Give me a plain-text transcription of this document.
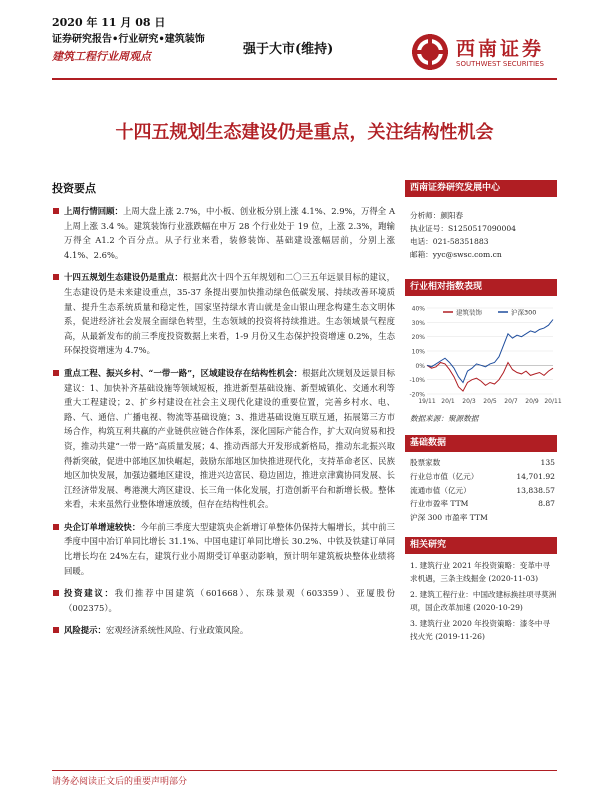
2020 年 11 月 08 日
证券研究报告•行业研究•建筑装饰
建筑工程行业周观点	强于大市(维持)	西南证券
SOUTHWEST SECURITIES
十四五规划生态建设仍是重点，关注结构性机会
投资要点
上周行情回顾：上周大盘上涨 2.7%，中小板、创业板分别上涨 4.1%、2.9%，万得全 A 上周上涨 3.4 %。建筑装饰行业涨跌幅在申万 28 个行业处于 19 位，上涨 2.3%，跑输万得全 A1.2 个百分点。从子行业来看，装修装饰、基础建设涨幅居前，分别上涨 4.1%、2.6%。
十四五规划生态建设仍是重点：根据此次十四个五年规划和二〇三五年远景目标的建议，生态建设仍是未来建设重点，35-37 条提出要加快推动绿色低碳发展、持续改善环境质量、提升生态系统质量和稳定性，国家坚持绿水青山就是金山银山理念构建生态文明体系，促进经济社会发展全面绿色转型，生态领域的投资将持续推进。生态领域景气程度高，从最新发布的前三季度投资数据上来看，1-9 月份又生态保护投资增速 0.2%，生态环保投资增速为 4.7%。
重点工程、振兴乡村、“一带一路”，区域建设存在结构性机会：根据此次规划及远景目标建议：1、加快补齐基础设施等领域短板，推进新型基础设施、新型城镇化、交通水利等重大工程建设；2、扩乡村建设在社会主义现代化建设的重要位置，完善乡村水、电、路、气、通信、广播电视、物流等基础设施；3、推进基础设施互联互通，拓展第三方市场合作，构筑互利共赢的产业链供应链合作体系，深化国际产能合作，扩大双向贸易和投资，推动共建“一带一路”高质量发展；4、推动西部大开发形成新格局，推动东北振兴取得新突破，促进中部地区加快崛起，鼓励东部地区加快推进现代化，支持革命老区、民族地区加快发展，加强边疆地区建设，推进兴边富民、稳边固边，推进京津冀协同发展、长江经济带发展、粤港澳大湾区建设、长三角一体化发展，打造创新平台和新增长极。整体来看，未来虽然行业整体增速放缓，但存在结构性机会。
央企订单增速较快：今年前三季度大型建筑央企新增订单整体仍保持大幅增长，其中前三季度中国中冶订单同比增长 31.1%、中国电建订单同比增长 30.2%、中铁及铁建订单同比增长均在 24%左右，建筑行业小周期受订单驱动影响，预计明年建筑板块整体业绩将回暖。
投资建议：我们推荐中国建筑（601668）、东珠景观（603359）、亚厦股份（002375）。
风险提示：宏观经济系统性风险、行业政策风险。
西南证券研究发展中心
分析师：颜阳春
执业证号：S1250517090004
电话：021-58351883
邮箱：yyc@swsc.com.cn
行业相对指数表现
40%
30%
20%
10%
0%
-10%
-20%
建筑装饰	沪深300
19/11 20/1 20/3 20/5 20/7 20/9 20/11
数据来源：聚源数据
基础数据
股票家数	135
行业总市值（亿元）	14,701.92
流通市值（亿元）	13,838.57
行业市盈率 TTM	8.87
沪深 300 市盈率 TTM
相关研究
1. 建筑行业 2021 年投资策略：变革中寻求机遇，三条主线掘金 (2020-11-03)
2. 建筑工程行业：中国改建标换挂项寻莫洲项，国企改革加速 (2020-10-29)
3. 建筑行业 2020 年投资策略：漆冬中寻找火光 (2019-11-26)
请务必阅读正文后的重要声明部分
